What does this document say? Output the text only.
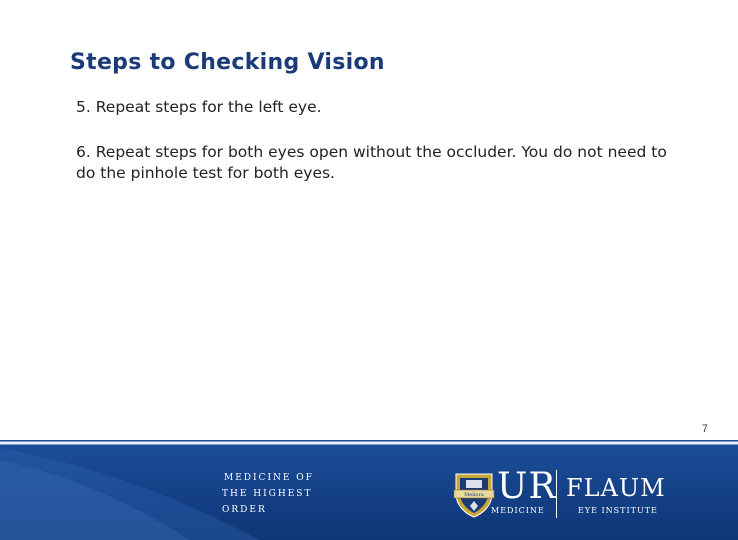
Steps to Checking Vision
5. Repeat steps for the left eye.
6. Repeat steps for both eyes open without the occluder. You do not need to do the pinhole test for both eyes.
7
MEDICINE OF
THE HIGHEST ORDER
Meliora UR
MEDICINE
FLAUM
EYE INSTITUTE
